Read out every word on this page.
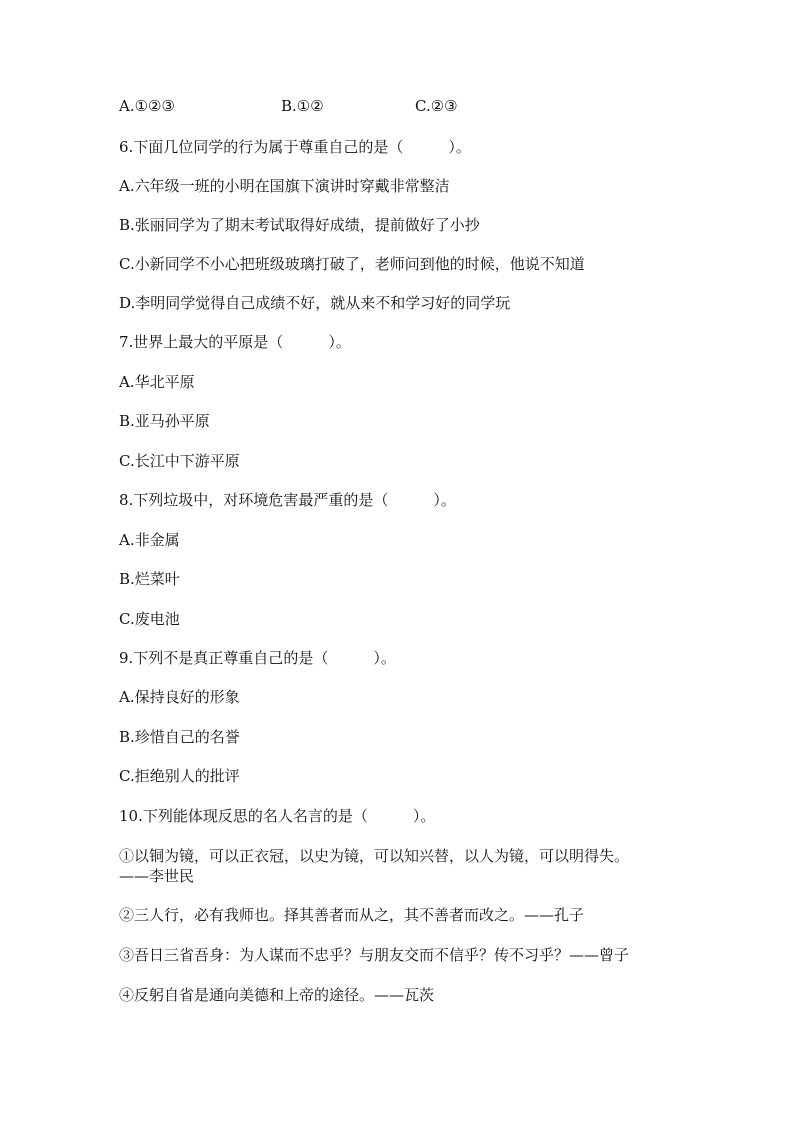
A.①②③	B.①②	C.②③
6.下面几位同学的行为属于尊重自己的是（　　　）。
A.六年级一班的小明在国旗下演讲时穿戴非常整洁
B.张丽同学为了期末考试取得好成绩，提前做好了小抄
C.小新同学不小心把班级玻璃打破了，老师问到他的时候，他说不知道
D.李明同学觉得自己成绩不好，就从来不和学习好的同学玩
7.世界上最大的平原是（　　　）。
A.华北平原
B.亚马孙平原
C.长江中下游平原
8.下列垃圾中，对环境危害最严重的是（　　　）。
A.非金属
B.烂菜叶
C.废电池
9.下列不是真正尊重自己的是（　　　）。
A.保持良好的形象
B.珍惜自己的名誉
C.拒绝别人的批评
10.下列能体现反思的名人名言的是（　　　）。
①以铜为镜，可以正衣冠，以史为镜，可以知兴替，以人为镜，可以明得失。
——李世民
②三人行，必有我师也。择其善者而从之，其不善者而改之。——孔子
③吾日三省吾身：为人谋而不忠乎？与朋友交而不信乎？传不习乎？——曾子
④反躬自省是通向美德和上帝的途径。——瓦茨
